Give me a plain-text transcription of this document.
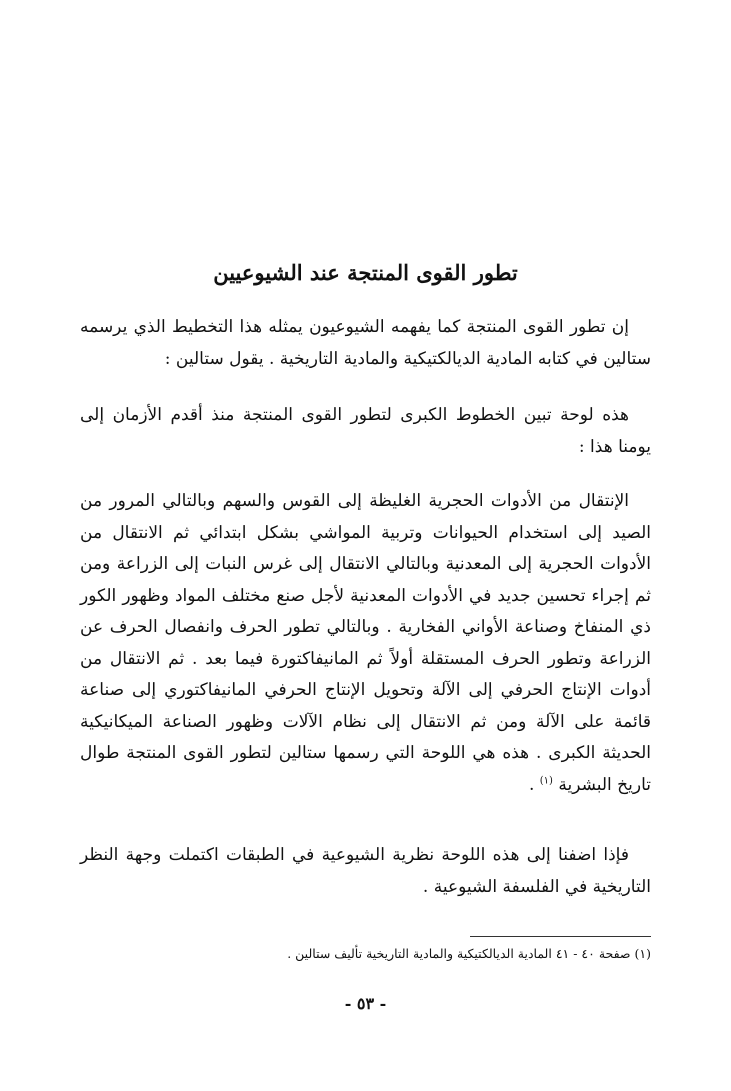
تطور القوى المنتجة عند الشيوعيين
إن تطور القوى المنتجة كما يفهمه الشيوعيون يمثله هذا التخطيط الذي يرسمه ستالين في كتابه المادية الديالكتيكية والمادية التاريخية . يقول ستالين :
هذه لوحة تبين الخطوط الكبرى لتطور القوى المنتجة منذ أقدم الأزمان إلى يومنا هذا :
الإنتقال من الأدوات الحجرية الغليظة إلى القوس والسهم وبالتالي المرور من الصيد إلى استخدام الحيوانات وتربية المواشي بشكل ابتدائي ثم الانتقال من الأدوات الحجرية إلى المعدنية وبالتالي الانتقال إلى غرس النبات إلى الزراعة ومن ثم إجراء تحسين جديد في الأدوات المعدنية لأجل صنع مختلف المواد وظهور الكور ذي المنفاخ وصناعة الأواني الفخارية . وبالتالي تطور الحرف وانفصال الحرف عن الزراعة وتطور الحرف المستقلة أولاً ثم المانيفاكتورة فيما بعد . ثم الانتقال من أدوات الإنتاج الحرفي إلى الآلة وتحويل الإنتاج الحرفي المانيفاكتوري إلى صناعة قائمة على الآلة ومن ثم الانتقال إلى نظام الآلات وظهور الصناعة الميكانيكية الحديثة الكبرى . هذه هي اللوحة التي رسمها ستالين لتطور القوى المنتجة طوال تاريخ البشرية $^{(١)}$ .
فإذا اضفنا إلى هذه اللوحة نظرية الشيوعية في الطبقات اكتملت وجهة النظر التاريخية في الفلسفة الشيوعية .
(١) صفحة ٤٠ - ٤١ المادية الديالكتيكية والمادية التاريخية تأليف ستالين .
- ٥٣ -
